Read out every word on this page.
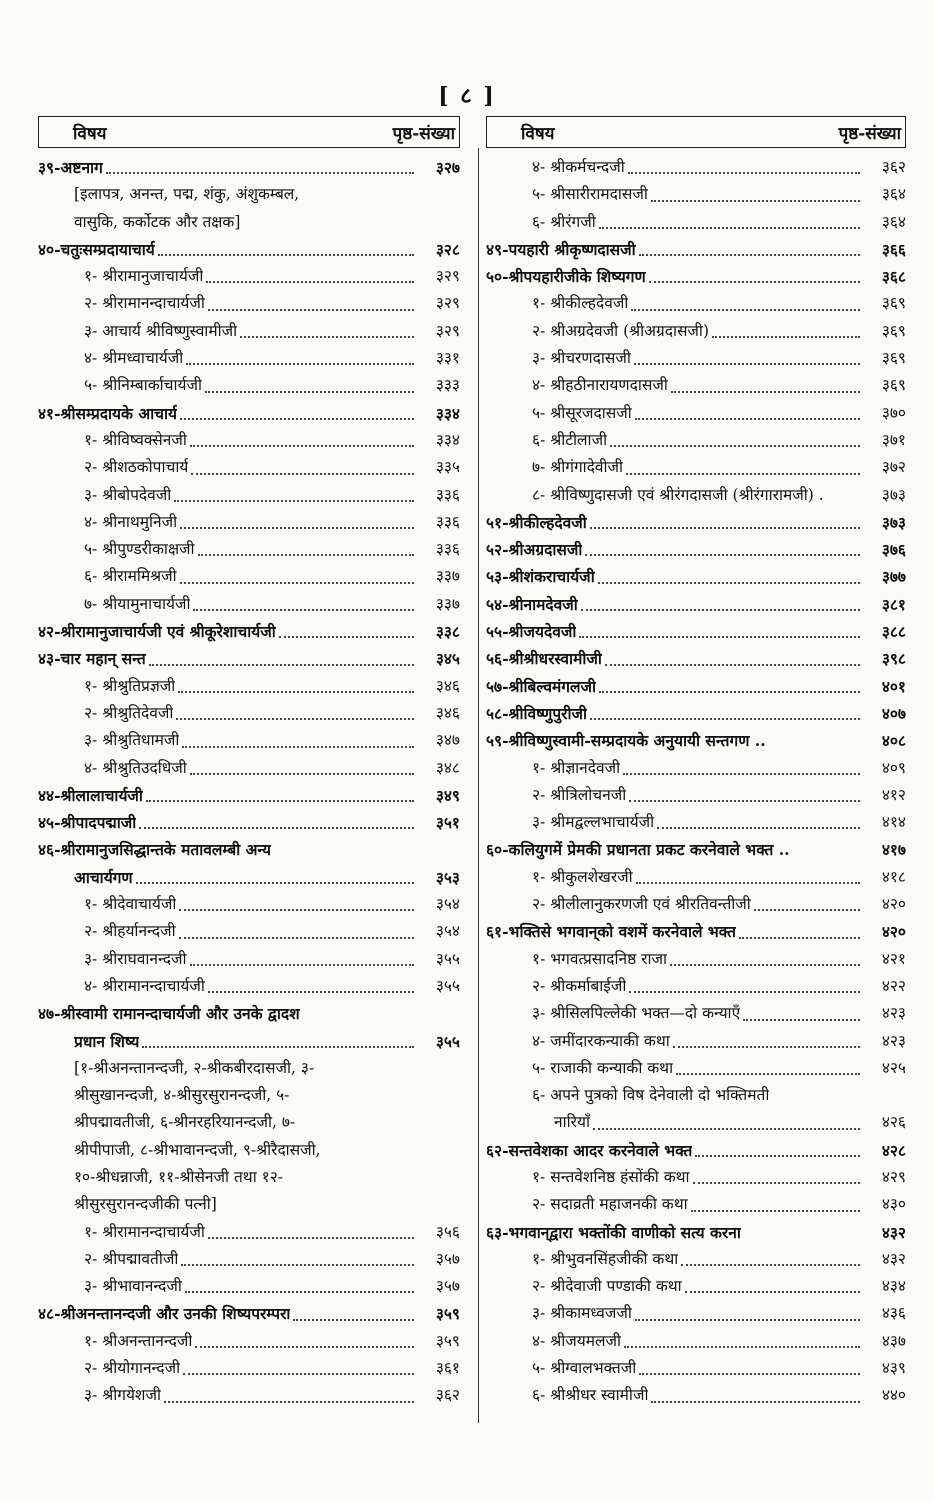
[ ८ ]
विषय	पृष्ठ-संख्या
३९-अष्टनाग	३२७
[इलापत्र, अनन्त, पद्म, शंकु, अंशुकम्बल,
वासुकि, कर्कोटक और तक्षक]
४०-चतुःसम्प्रदायाचार्य	३२८
१- श्रीरामानुजाचार्यजी	३२९
२- श्रीरामानन्दाचार्यजी	३२९
३- आचार्य श्रीविष्णुस्वामीजी	३२९
४- श्रीमध्वाचार्यजी	३३१
५- श्रीनिम्बार्काचार्यजी	३३३
४१-श्रीसम्प्रदायके आचार्य	३३४
१- श्रीविष्वक्सेनजी	३३४
२- श्रीशठकोपाचार्य	३३५
३- श्रीबोपदेवजी	३३६
४- श्रीनाथमुनिजी	३३६
५- श्रीपुण्डरीकाक्षजी	३३६
६- श्रीराममिश्रजी	३३७
७- श्रीयामुनाचार्यजी	३३७
४२-श्रीरामानुजाचार्यजी एवं श्रीकूरेशाचार्यजी	३३८
४३-चार महान् सन्त	३४५
१- श्रीश्रुतिप्रज्ञजी	३४६
२- श्रीश्रुतिदेवजी	३४६
३- श्रीश्रुतिधामजी	३४७
४- श्रीश्रुतिउदधिजी	३४८
४४-श्रीलालाचार्यजी	३४९
४५-श्रीपादपद्माजी	३५१
४६-श्रीरामानुजसिद्धान्तके मतावलम्बी अन्य
आचार्यगण	३५३
१- श्रीदेवाचार्यजी	३५४
२- श्रीहर्यानन्दजी	३५४
३- श्रीराघवानन्दजी	३५५
४- श्रीरामानन्दाचार्यजी	३५५
४७-श्रीस्वामी रामानन्दाचार्यजी और उनके द्वादश
प्रधान शिष्य	३५५
[१-श्रीअनन्तानन्दजी, २-श्रीकबीरदासजी, ३-
श्रीसुखानन्दजी, ४-श्रीसुरसुरानन्दजी, ५-
श्रीपद्मावतीजी, ६-श्रीनरहरियानन्दजी, ७-
श्रीपीपाजी, ८-श्रीभावानन्दजी, ९-श्रीरैदासजी,
१०-श्रीधन्नाजी, ११-श्रीसेनजी तथा १२-
श्रीसुरसुरानन्दजीकी पत्नी]
१- श्रीरामानन्दाचार्यजी	३५६
२- श्रीपद्मावतीजी	३५७
३- श्रीभावानन्दजी	३५७
४८-श्रीअनन्तानन्दजी और उनकी शिष्यपरम्परा	३५९
१- श्रीअनन्तानन्दजी	३५९
२- श्रीयोगानन्दजी	३६१
३- श्रीगयेशजी	३६२
विषय	पृष्ठ-संख्या
४- श्रीकर्मचन्दजी	३६२
५- श्रीसारीरामदासजी	३६४
६- श्रीरंगजी	३६४
४९-पयहारी श्रीकृष्णदासजी	३६६
५०-श्रीपयहारीजीके शिष्यगण	३६८
१- श्रीकील्हदेवजी	३६९
२- श्रीअग्रदेवजी (श्रीअग्रदासजी)	३६९
३- श्रीचरणदासजी	३६९
४- श्रीहठीनारायणदासजी	३६९
५- श्रीसूरजदासजी	३७०
६- श्रीटीलाजी	३७१
७- श्रीगंगादेवीजी	३७२
८- श्रीविष्णुदासजी एवं श्रीरंगदासजी (श्रीरंगारामजी) .	३७३
५१-श्रीकील्हदेवजी	३७३
५२-श्रीअग्रदासजी	३७६
५३-श्रीशंकराचार्यजी	३७७
५४-श्रीनामदेवजी	३८१
५५-श्रीजयदेवजी	३८८
५६-श्रीश्रीधरस्वामीजी	३९८
५७-श्रीबिल्वमंगलजी	४०१
५८-श्रीविष्णुपुरीजी	४०७
५९-श्रीविष्णुस्वामी-सम्प्रदायके अनुयायी सन्तगण ..	४०८
१- श्रीज्ञानदेवजी	४०९
२- श्रीत्रिलोचनजी	४१२
३- श्रीमद्वल्लभाचार्यजी	४१४
६०-कलियुगमें प्रेमकी प्रधानता प्रकट करनेवाले भक्त ..	४१७
१- श्रीकुलशेखरजी	४१८
२- श्रीलीलानुकरणजी एवं श्रीरतिवन्तीजी	४२०
६१-भक्तिसे भगवान्‌को वशमें करनेवाले भक्त	४२०
१- भगवत्प्रसादनिष्ठ राजा	४२१
२- श्रीकर्माबाईजी	४२२
३- श्रीसिलपिल्लेकी भक्त—दो कन्याएँ	४२३
४- जमींदारकन्याकी कथा	४२३
५- राजाकी कन्याकी कथा	४२५
६- अपने पुत्रको विष देनेवाली दो भक्तिमती
नारियाँ	४२६
६२-सन्तवेशका आदर करनेवाले भक्त	४२८
१- सन्तवेशनिष्ठ हंसोंकी कथा	४२९
२- सदाव्रती महाजनकी कथा	४३०
६३-भगवान्‌द्वारा भक्तोंकी वाणीको सत्य करना	४३२
१- श्रीभुवनसिंहजीकी कथा	४३२
२- श्रीदेवाजी पण्डाकी कथा	४३४
३- श्रीकामध्वजजी	४३६
४- श्रीजयमलजी	४३७
५- श्रीग्वालभक्तजी	४३९
६- श्रीश्रीधर स्वामीजी	४४०
